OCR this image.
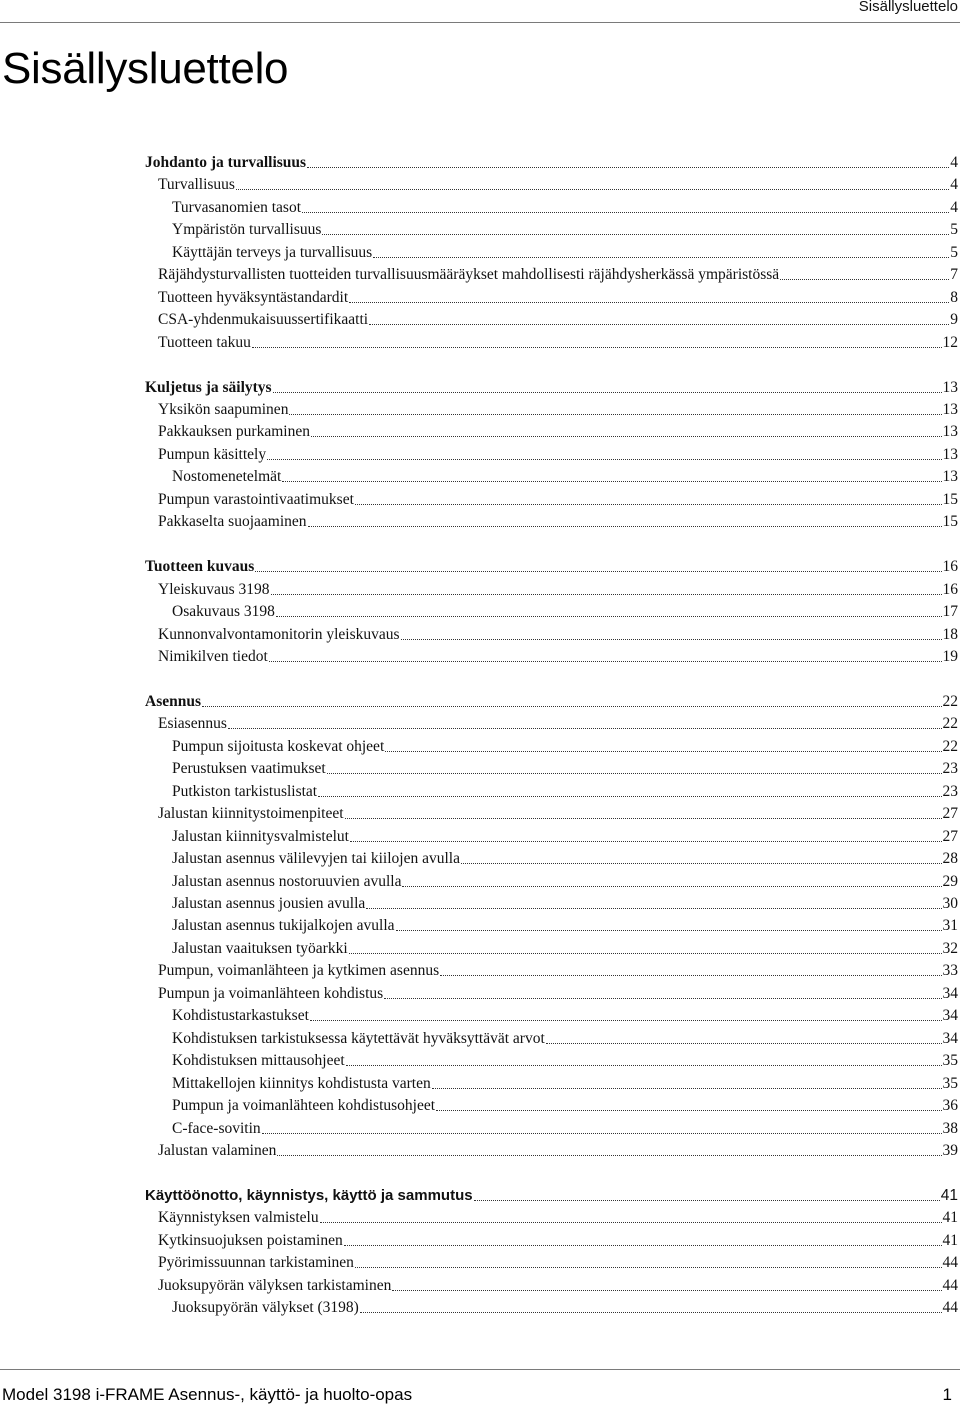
Sisällysluettelo
Sisällysluettelo
Johdanto ja turvallisuus	4
Turvallisuus	4
Turvasanomien tasot	4
Ympäristön turvallisuus	5
Käyttäjän terveys ja turvallisuus	5
Räjähdysturvallisten tuotteiden turvallisuusmääräykset mahdollisesti räjähdysherkässä ympäristössä	7
Tuotteen hyväksyntästandardit	8
CSA-yhdenmukaisuussertifikaatti	9
Tuotteen takuu	12
Kuljetus ja säilytys	13
Yksikön saapuminen	13
Pakkauksen purkaminen	13
Pumpun käsittely	13
Nostomenetelmät	13
Pumpun varastointivaatimukset	15
Pakkaselta suojaaminen	15
Tuotteen kuvaus	16
Yleiskuvaus 3198	16
Osakuvaus 3198	17
Kunnonvalvontamonitorin yleiskuvaus	18
Nimikilven tiedot	19
Asennus	22
Esiasennus	22
Pumpun sijoitusta koskevat ohjeet	22
Perustuksen vaatimukset	23
Putkiston tarkistuslistat	23
Jalustan kiinnitystoimenpiteet	27
Jalustan kiinnitysvalmistelut	27
Jalustan asennus välilevyjen tai kiilojen avulla	28
Jalustan asennus nostoruuvien avulla	29
Jalustan asennus jousien avulla	30
Jalustan asennus tukijalkojen avulla	31
Jalustan vaaituksen työarkki	32
Pumpun, voimanlähteen ja kytkimen asennus	33
Pumpun ja voimanlähteen kohdistus	34
Kohdistustarkastukset	34
Kohdistuksen tarkistuksessa käytettävät hyväksyttävät arvot	34
Kohdistuksen mittausohjeet	35
Mittakellojen kiinnitys kohdistusta varten	35
Pumpun ja voimanlähteen kohdistusohjeet	36
C-face-sovitin	38
Jalustan valaminen	39
Käyttöönotto, käynnistys, käyttö ja sammutus	41
Käynnistyksen valmistelu	41
Kytkinsuojuksen poistaminen	41
Pyörimissuunnan tarkistaminen	44
Juoksupyörän välyksen tarkistaminen	44
Juoksupyörän välykset (3198)	44
Model 3198 i-FRAME Asennus-, käyttö- ja huolto-opas	1
